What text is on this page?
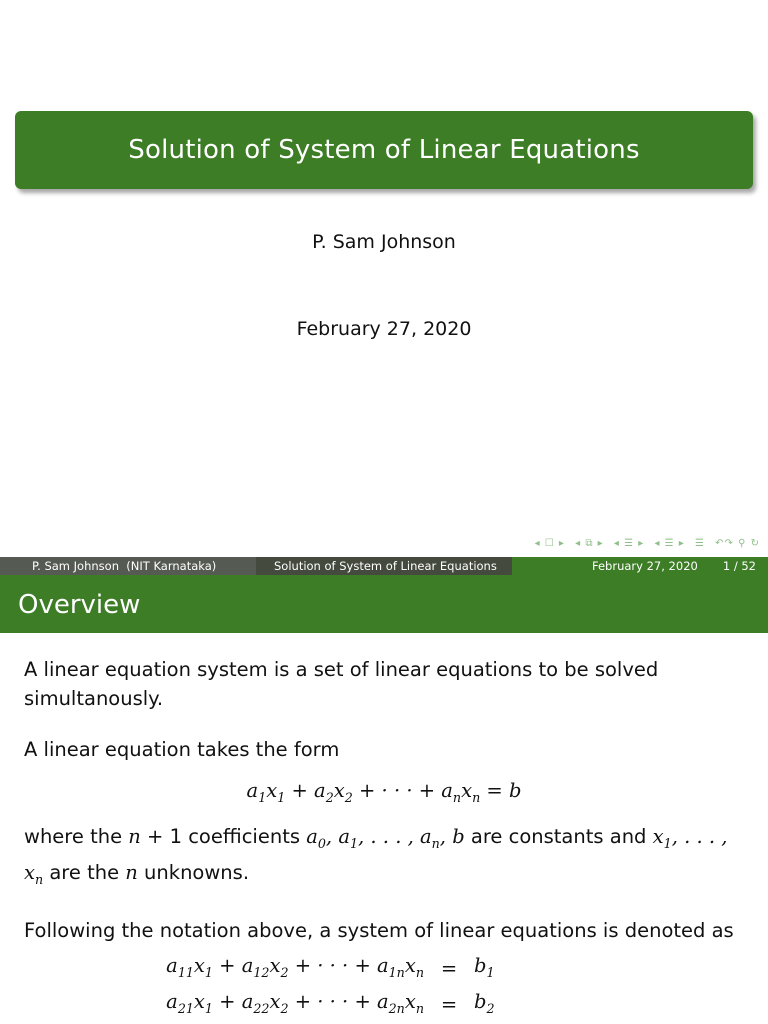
Solution of System of Linear Equations
P. Sam Johnson
February 27, 2020
◂ ☐ ▸ ◂ ⧉ ▸ ◂ ☰ ▸ ◂ ☰ ▸ ☰ ↶↷ ⚲ ↻
P. Sam Johnson  (NIT Karnataka)	Solution of System of Linear Equations	February 27, 2020 1 / 52
Overview

A linear equation system is a set of linear equations to be solved simultanously.

A linear equation takes the form

$a_1x_1 + a_2x_2$ + · · · + $a_nx_n = b$

where the n + 1 coefficients $a_0$, $a_1$, . . . , $a_n$, b are constants and $x_1$, . . . , $x_n$ are the n unknowns.

Following the notation above, a system of linear equations is denoted as

$a_{11}x_1 + a_{12}x_2$ + · · · + $a_{1n}x_n = b_1$
$a_{21}x_1 + a_{22}x_2$ + · · · + $a_{2n}x_n = b_2$
